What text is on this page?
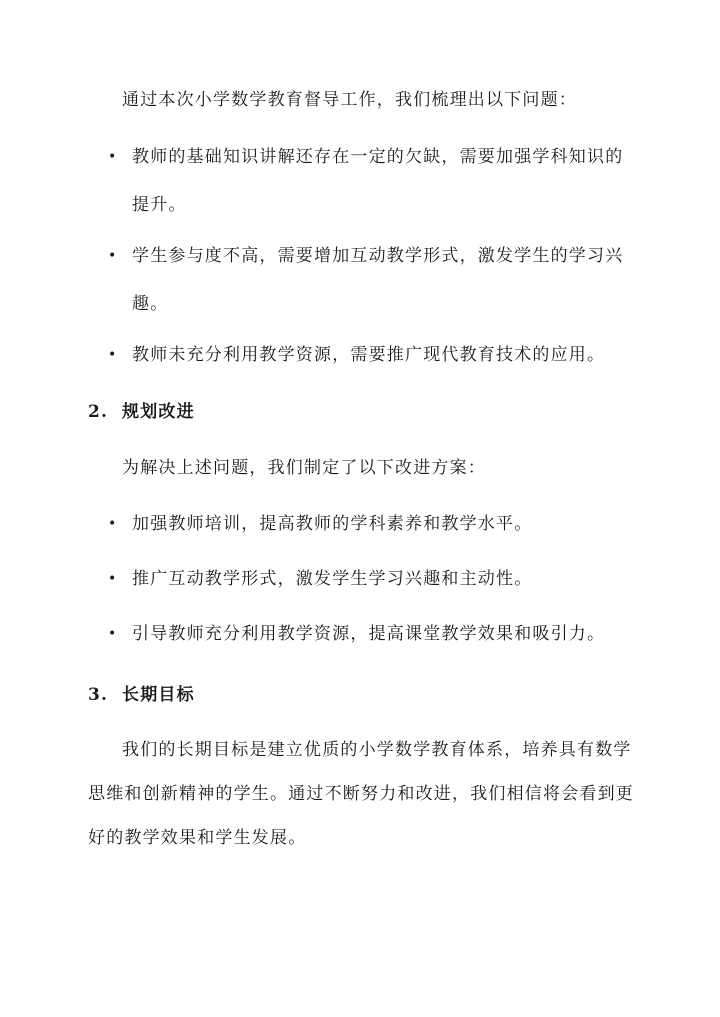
通过本次小学数学教育督导工作，我们梳理出以下问题：

• 教师的基础知识讲解还存在一定的欠缺，需要加强学科知识的提升。
• 学生参与度不高，需要增加互动教学形式，激发学生的学习兴趣。
• 教师未充分利用教学资源，需要推广现代教育技术的应用。
2. 规划改进

为解决上述问题，我们制定了以下改进方案：

• 加强教师培训，提高教师的学科素养和教学水平。
• 推广互动教学形式，激发学生学习兴趣和主动性。
• 引导教师充分利用教学资源，提高课堂教学效果和吸引力。
3. 长期目标

我们的长期目标是建立优质的小学数学教育体系，培养具有数学思维和创新精神的学生。通过不断努力和改进，我们相信将会看到更好的教学效果和学生发展。
